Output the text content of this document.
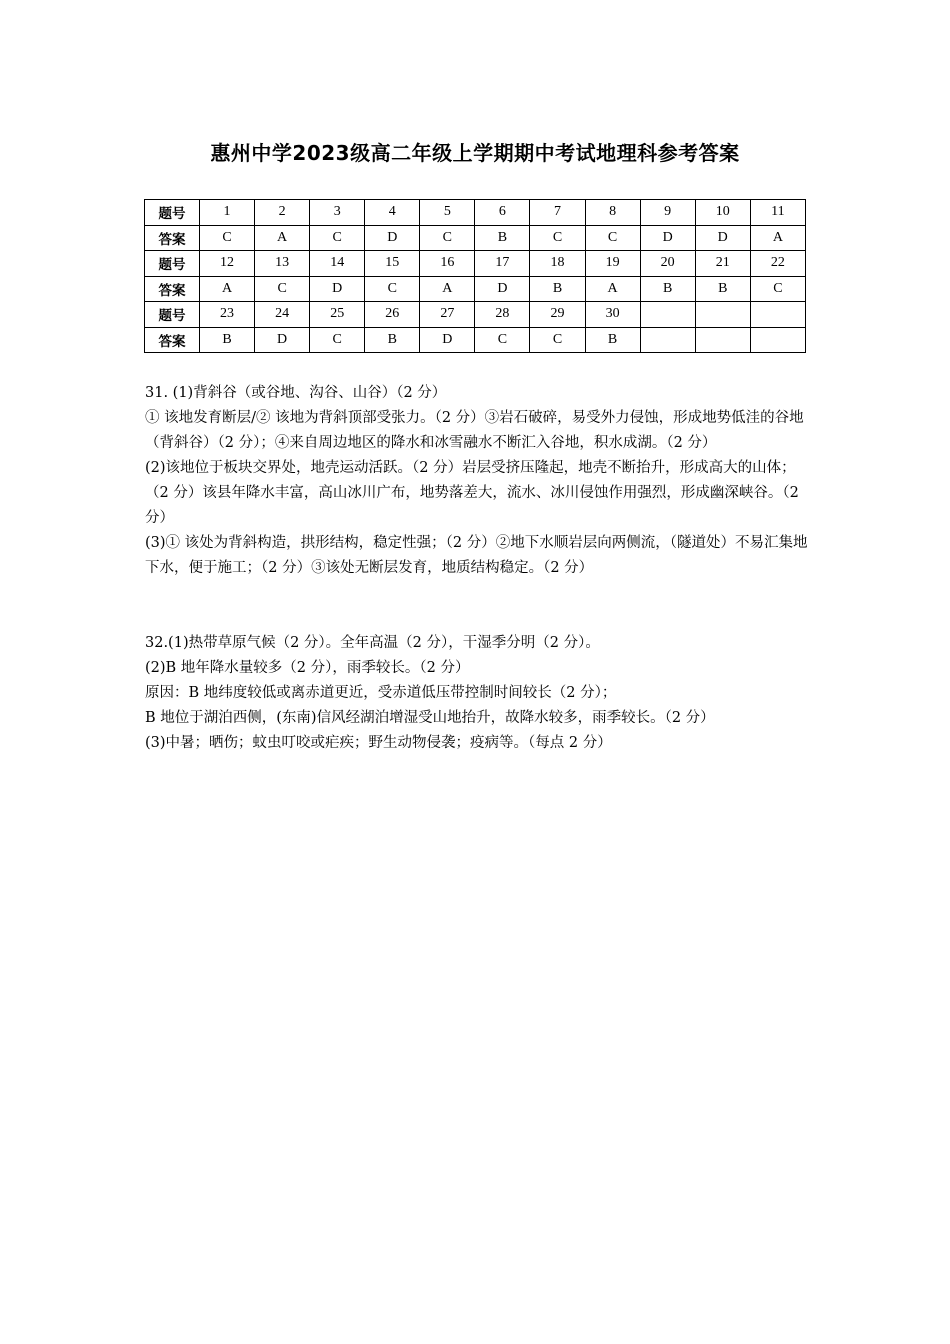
惠州中学2023级高二年级上学期期中考试地理科参考答案
题号	1	2	3	4	5	6	7	8	9	10	11
答案	C	A	C	D	C	B	C	C	D	D	A
题号	12	13	14	15	16	17	18	19	20	21	22
答案	A	C	D	C	A	D	B	A	B	B	C
题号	23	24	25	26	27	28	29	30			
答案	B	D	C	B	D	C	C	B			

31. (1)背斜谷（或谷地、沟谷、山谷）（2 分）

① 该地发育断层/② 该地为背斜顶部受张力。（2 分）③岩石破碎，易受外力侵蚀，形成地势低洼的谷地（背斜谷）（2 分）；④来自周边地区的降水和冰雪融水不断汇入谷地，积水成湖。（2 分）

(2)该地位于板块交界处，地壳运动活跃。（2 分）岩层受挤压隆起，地壳不断抬升，形成高大的山体；（2 分）该县年降水丰富，高山冰川广布，地势落差大，流水、冰川侵蚀作用强烈，形成幽深峡谷。（2 分）

(3)① 该处为背斜构造，拱形结构，稳定性强；（2 分）②地下水顺岩层向两侧流，（隧道处）不易汇集地下水，便于施工；（2 分）③该处无断层发育，地质结构稳定。（2 分）

32.(1)热带草原气候（2 分）。全年高温（2 分），干湿季分明（2 分）。

(2)B 地年降水量较多（2 分），雨季较长。（2 分）

原因：B 地纬度较低或离赤道更近，受赤道低压带控制时间较长（2 分）；

B 地位于湖泊西侧，(东南)信风经湖泊增湿受山地抬升，故降水较多，雨季较长。（2 分）

(3)中暑；晒伤；蚊虫叮咬或疟疾；野生动物侵袭；疫病等。（每点 2 分）
